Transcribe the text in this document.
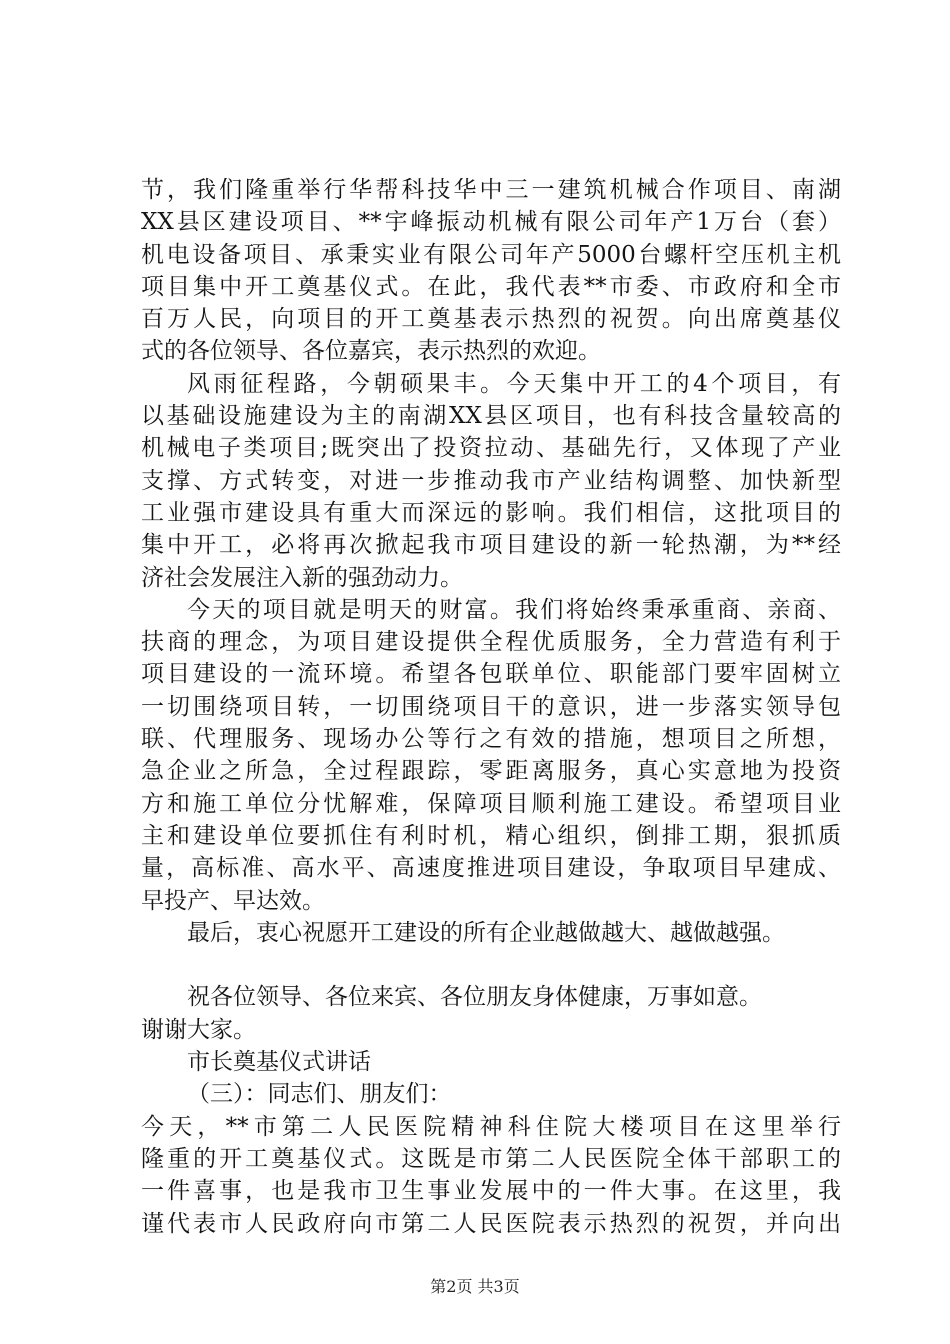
节，我们隆重举行华帮科技华中三一建筑机械合作项目、南湖
XX县区建设项目、**宇峰振动机械有限公司年产1万台（套）
机电设备项目、承秉实业有限公司年产5000台螺杆空压机主机
项目集中开工奠基仪式。在此，我代表**市委、市政府和全市
百万人民，向项目的开工奠基表示热烈的祝贺。向出席奠基仪
式的各位领导、各位嘉宾，表示热烈的欢迎。
风雨征程路，今朝硕果丰。今天集中开工的4个项目，有
以基础设施建设为主的南湖XX县区项目，也有科技含量较高的
机械电子类项目;既突出了投资拉动、基础先行，又体现了产业
支撑、方式转变，对进一步推动我市产业结构调整、加快新型
工业强市建设具有重大而深远的影响。我们相信，这批项目的
集中开工，必将再次掀起我市项目建设的新一轮热潮，为**经
济社会发展注入新的强劲动力。
今天的项目就是明天的财富。我们将始终秉承重商、亲商、
扶商的理念，为项目建设提供全程优质服务，全力营造有利于
项目建设的一流环境。希望各包联单位、职能部门要牢固树立
一切围绕项目转，一切围绕项目干的意识，进一步落实领导包
联、代理服务、现场办公等行之有效的措施，想项目之所想，
急企业之所急，全过程跟踪，零距离服务，真心实意地为投资
方和施工单位分忧解难，保障项目顺利施工建设。希望项目业
主和建设单位要抓住有利时机，精心组织，倒排工期，狠抓质
量，高标准、高水平、高速度推进项目建设，争取项目早建成、
早投产、早达效。
最后，衷心祝愿开工建设的所有企业越做越大、越做越强。
祝各位领导、各位来宾、各位朋友身体健康，万事如意。
谢谢大家。
市长奠基仪式讲话
（三）：同志们、朋友们：
今天，**市第二人民医院精神科住院大楼项目在这里举行
隆重的开工奠基仪式。这既是市第二人民医院全体干部职工的
一件喜事，也是我市卫生事业发展中的一件大事。在这里，我
谨代表市人民政府向市第二人民医院表示热烈的祝贺，并向出
第2页 共3页
